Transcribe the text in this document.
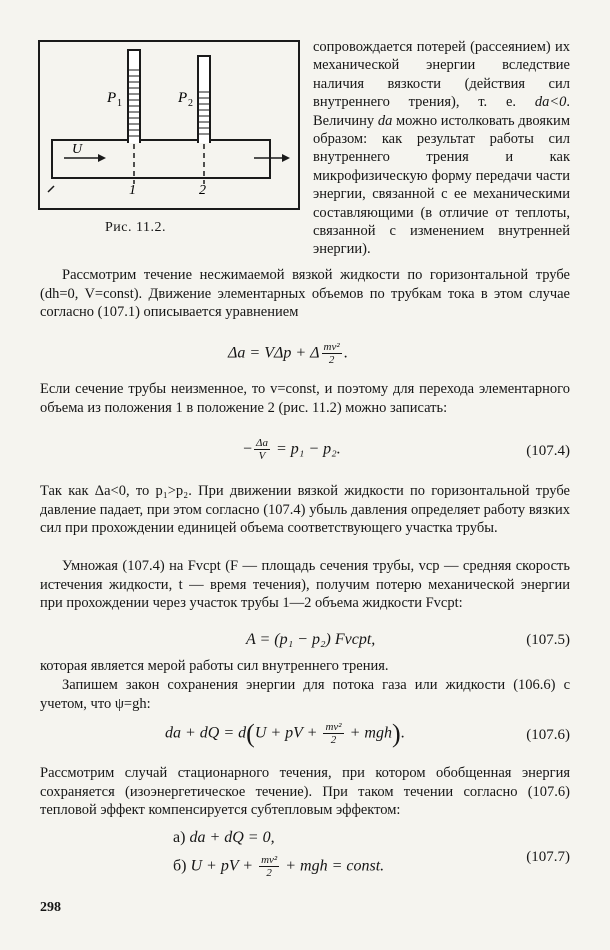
P 1	P 2
U
1	2
Рис. 11.2.
сопровождается потерей (рассеянием) их механической энергии вследствие наличия вязкости (действия сил внутреннего трения), т. е. da<0. Величину da можно истолковать двояким образом: как результат работы сил внутреннего трения и как микрофизическую форму передачи части энергии, связанной с ее механическими составляющими (в отличие от теплоты, связанной с изменением внутренней энергии).
Рассмотрим течение несжимаемой вязкой жидкости по горизонтальной трубе (dh=0, V=const). Движение элементарных объемов по трубкам тока в этом случае согласно (107.1) описывается уравнением
Δa = VΔp + Δ $\frac{\text{mv²}}{2}$ .
Если сечение трубы неизменное, то v=const, и поэтому для перехода элементарного объема из положения 1 в положение 2 (рис. 11.2) можно записать:
− $\frac{\Delta a}{V} = p_1 - p_2$.	(107.4)
Так как Δa<0, то p₁>p₂. При движении вязкой жидкости по горизонтальной трубе давление падает, при этом согласно (107.4) убыль давления определяет работу вязких сил при прохождении единицей объема соответствующего участка трубы.
Умножая (107.4) на Fvсрt (F — площадь сечения трубы, vср — средняя скорость истечения жидкости, t — время течения), получим потерю механической энергии при прохождении через участок трубы 1—2 объема жидкости Fvсрt:
A = (p₁ − p₂) Fvсрt,	(107.5)
которая является мерой работы сил внутреннего трения.
Запишем закон сохранения энергии для потока газа или жидкости (106.6) с учетом, что ψ=gh:
da + dQ = d(U + pV + $\frac{\text{mv²}}{2} + mgh$).	(107.6)
Рассмотрим случай стационарного течения, при котором обобщенная энергия сохраняется (изоэнергетическое течение). При таком течении согласно (107.6) тепловой эффект компенсируется субтепловым эффектом:
а) da + dQ = 0,
б) U + pV + $\frac{\text{mv²}}{2}$ + mgh = const.
(107.7)
298
